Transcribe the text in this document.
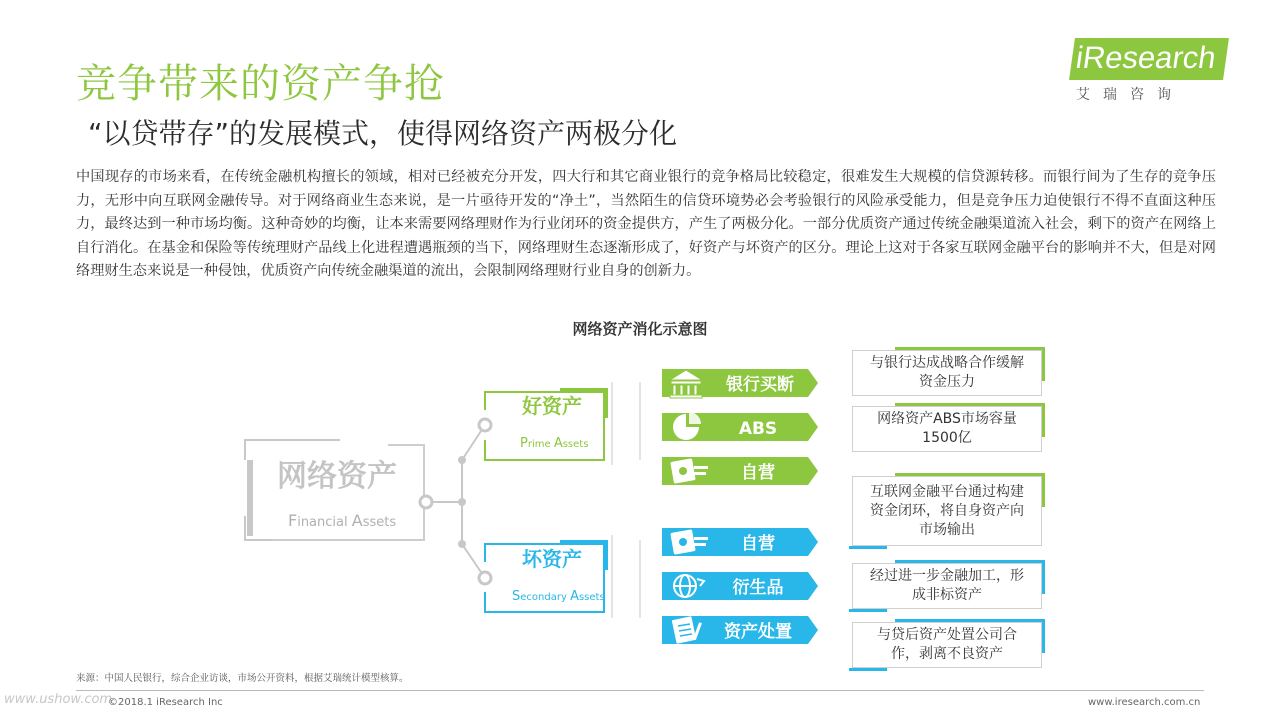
竞争带来的资产争抢
“以贷带存”的发展模式，使得网络资产两极分化
iResearch
艾瑞咨询
中国现存的市场来看，在传统金融机构擅长的领域，相对已经被充分开发，四大行和其它商业银行的竞争格局比较稳定，很难发生大规模的信贷源转移。而银行间为了生存的竞争压力，无形中向互联网金融传导。对于网络商业生态来说，是一片亟待开发的“净土”，当然陌生的信贷环境势必会考验银行的风险承受能力，但是竞争压力迫使银行不得不直面这种压力，最终达到一种市场均衡。这种奇妙的均衡，让本来需要网络理财作为行业闭环的资金提供方，产生了两极分化。一部分优质资产通过传统金融渠道流入社会，剩下的资产在网络上自行消化。在基金和保险等传统理财产品线上化进程遭遇瓶颈的当下，网络理财生态逐渐形成了，好资产与坏资产的区分。理论上这对于各家互联网金融平台的影响并不大，但是对网络理财生态来说是一种侵蚀，优质资产向传统金融渠道的流出，会限制网络理财行业自身的创新力。
网络资产消化示意图
网络资产
Financial Assets
好资产
Prime Assets
坏资产
Secondary Assets
银行买断
ABS
自营
自营
衍生品
资产处置
与银行达成战略合作缓解资金压力
网络资产ABS市场容量1500亿
互联网金融平台通过构建资金闭环，将自身资产向市场输出
经过进一步金融加工，形成非标资产
与贷后资产处置公司合作，剥离不良资产
来源：中国人民银行，综合企业访谈，市场公开资料，根据艾瑞统计模型核算。
www.ushow.com
©2018.1 iResearch Inc	www.iresearch.com.cn
